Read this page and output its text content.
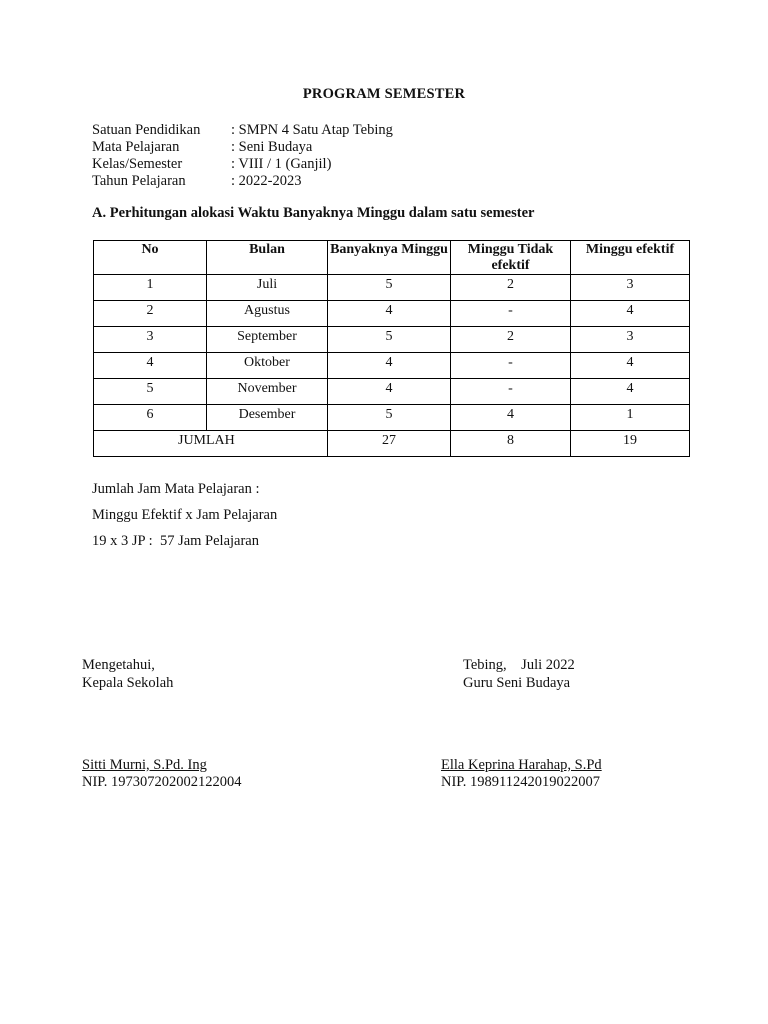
PROGRAM SEMESTER
Satuan Pendidikan	: SMPN 4 Satu Atap Tebing
Mata Pelajaran	: Seni Budaya
Kelas/Semester	: VIII / 1 (Ganjil)
Tahun Pelajaran	: 2022-2023
A. Perhitungan alokasi Waktu Banyaknya Minggu dalam satu semester
No	Bulan	Banyaknya Minggu	Minggu Tidak efektif	Minggu efektif
1	Juli	5	2	3
2	Agustus	4	-	4
3	September	5	2	3
4	Oktober	4	-	4
5	November	4	-	4
6	Desember	5	4	1
JUMLAH		27	8	19
Jumlah Jam Mata Pelajaran :
Minggu Efektif x Jam Pelajaran
19 x 3 JP :  57 Jam Pelajaran
Mengetahui,
Kepala Sekolah
Tebing,    Juli 2022
Guru Seni Budaya
Sitti Murni, S.Pd. Ing
NIP. 197307202002122004
Ella Keprina Harahap, S.Pd
NIP. 198911242019022007
